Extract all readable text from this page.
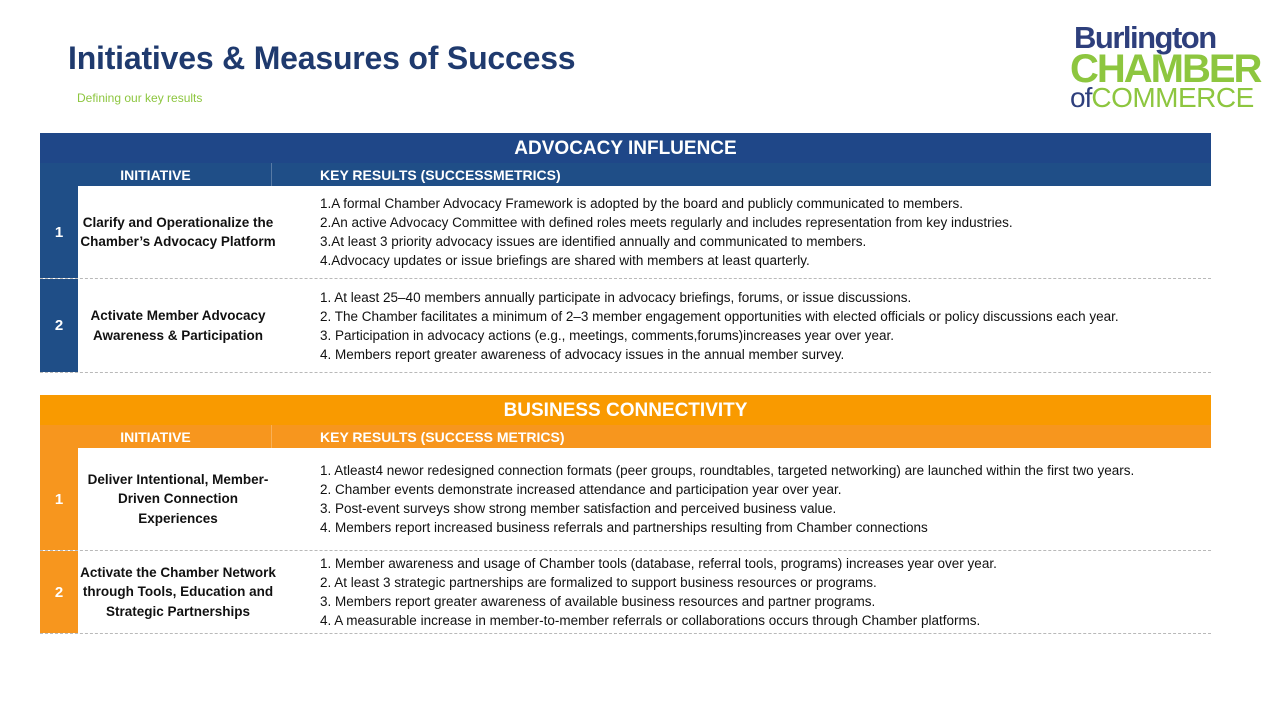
Initiatives & Measures of Success
Defining our key results
Burlington
CHAMBER
ofCOMMERCE
ADVOCACY INFLUENCE
INITIATIVE	KEY RESULTS (SUCCESSMETRICS)
1
Clarify and Operationalize the Chamber’s Advocacy Platform
1.A formal Chamber Advocacy Framework is adopted by the board and publicly communicated to members.
2.An active Advocacy Committee with defined roles meets regularly and includes representation from key industries.
3.At least 3 priority advocacy issues are identified annually and communicated to members.
4.Advocacy updates or issue briefings are shared with members at least quarterly.
2
Activate Member Advocacy Awareness & Participation
1. At least 25–40 members annually participate in advocacy briefings, forums, or issue discussions.
2. The Chamber facilitates a minimum of 2–3 member engagement opportunities with elected officials or policy discussions each year.
3. Participation in advocacy actions (e.g., meetings, comments,forums)increases year over year.
4. Members report greater awareness of advocacy issues in the annual member survey.
BUSINESS CONNECTIVITY
INITIATIVE	KEY RESULTS (SUCCESS METRICS)
1
Deliver Intentional, Member-Driven Connection Experiences
1. Atleast4 newor redesigned connection formats (peer groups, roundtables, targeted networking) are launched within the first two years.
2. Chamber events demonstrate increased attendance and participation year over year.
3. Post-event surveys show strong member satisfaction and perceived business value.
4. Members report increased business referrals and partnerships resulting from Chamber connections
2
Activate the Chamber Network through Tools, Education and Strategic Partnerships
1. Member awareness and usage of Chamber tools (database, referral tools, programs) increases year over year.
2. At least 3 strategic partnerships are formalized to support business resources or programs.
3. Members report greater awareness of available business resources and partner programs.
4. A measurable increase in member-to-member referrals or collaborations occurs through Chamber platforms.
